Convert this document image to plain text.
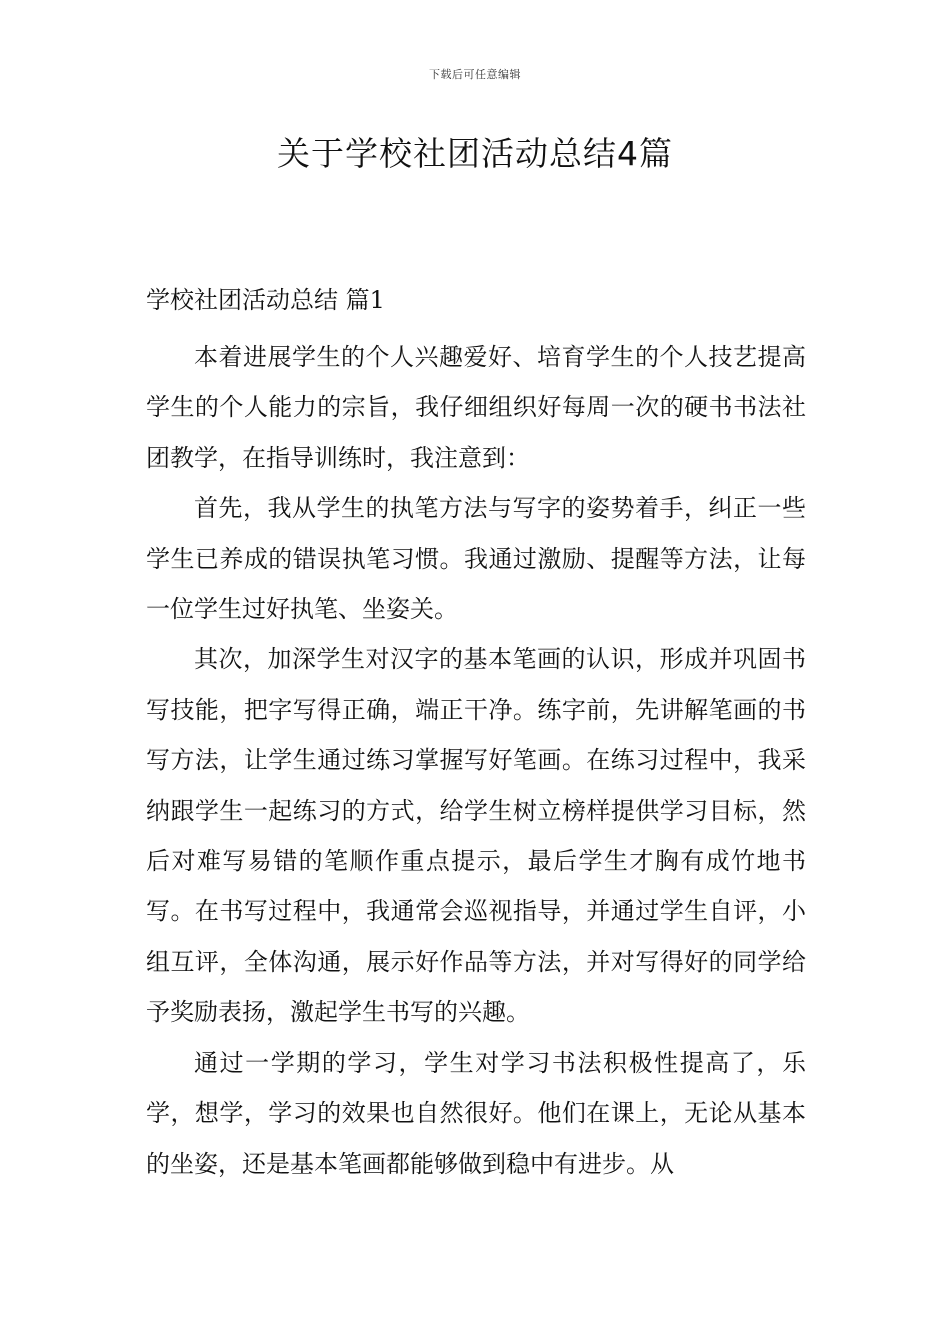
下载后可任意编辑
关于学校社团活动总结4篇
学校社团活动总结 篇1

本着进展学生的个人兴趣爱好、培育学生的个人技艺提高学生的个人能力的宗旨，我仔细组织好每周一次的硬书书法社团教学，在指导训练时，我注意到：

首先，我从学生的执笔方法与写字的姿势着手，纠正一些学生已养成的错误执笔习惯。我通过激励、提醒等方法，让每一位学生过好执笔、坐姿关。

其次，加深学生对汉字的基本笔画的认识，形成并巩固书写技能，把字写得正确，端正干净。练字前，先讲解笔画的书写方法，让学生通过练习掌握写好笔画。在练习过程中，我采纳跟学生一起练习的方式，给学生树立榜样提供学习目标，然后对难写易错的笔顺作重点提示，最后学生才胸有成竹地书写。在书写过程中，我通常会巡视指导，并通过学生自评，小组互评，全体沟通，展示好作品等方法，并对写得好的同学给予奖励表扬，激起学生书写的兴趣。

通过一学期的学习，学生对学习书法积极性提高了，乐学，想学，学习的效果也自然很好。他们在课上，无论从基本的坐姿，还是基本笔画都能够做到稳中有进步。从
